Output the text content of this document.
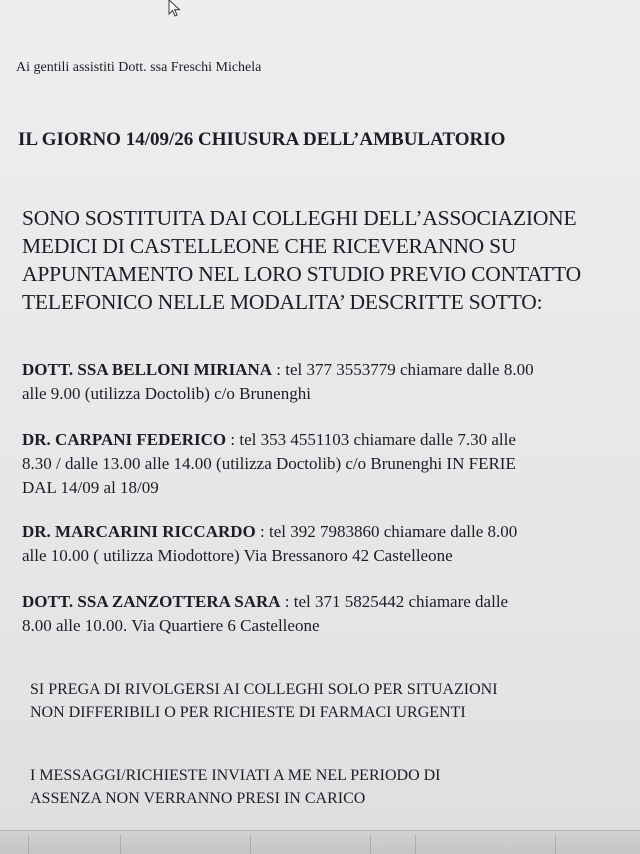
Ai gentili assistiti Dott. ssa Freschi Michela
IL GIORNO 14/09/26 CHIUSURA DELL’AMBULATORIO
SONO SOSTITUITA DAI COLLEGHI DELL’ASSOCIAZIONE
MEDICI DI CASTELLEONE CHE RICEVERANNO SU
APPUNTAMENTO NEL LORO STUDIO PREVIO CONTATTO
TELEFONICO NELLE MODALITA’ DESCRITTE SOTTO:
DOTT. SSA BELLONI MIRIANA : tel 377 3553779 chiamare dalle 8.00
alle 9.00 (utilizza Doctolib) c/o Brunenghi
DR. CARPANI FEDERICO : tel 353 4551103 chiamare dalle 7.30 alle
8.30 / dalle 13.00 alle 14.00 (utilizza Doctolib) c/o Brunenghi IN FERIE
DAL 14/09 al 18/09
DR. MARCARINI RICCARDO : tel 392 7983860 chiamare dalle 8.00
alle 10.00 ( utilizza Miodottore) Via Bressanoro 42 Castelleone
DOTT. SSA ZANZOTTERA SARA : tel 371 5825442 chiamare dalle
8.00 alle 10.00. Via Quartiere 6 Castelleone
SI PREGA DI RIVOLGERSI AI COLLEGHI SOLO PER SITUAZIONI
NON DIFFERIBILI O PER RICHIESTE DI FARMACI URGENTI
I MESSAGGI/RICHIESTE INVIATI A ME NEL PERIODO DI
ASSENZA NON VERRANNO PRESI IN CARICO
